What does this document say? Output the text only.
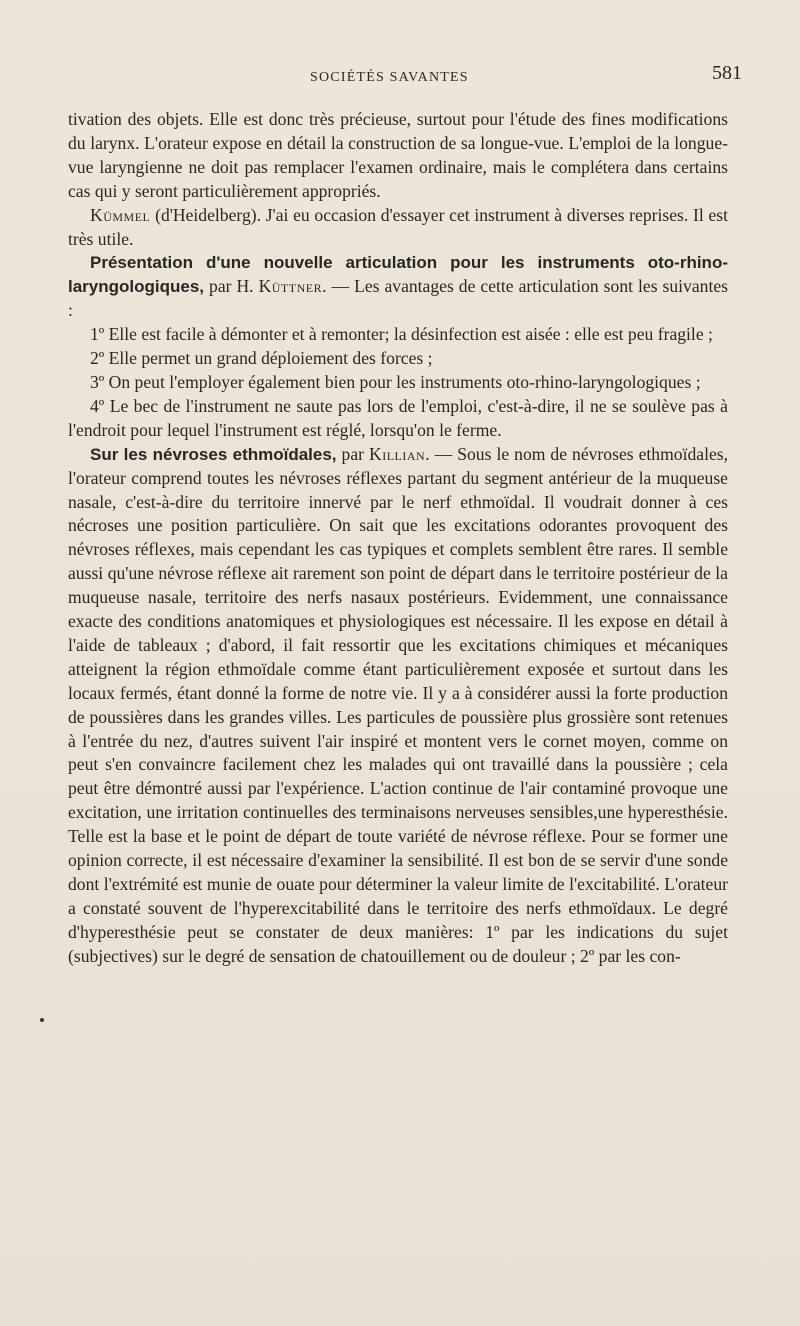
SOCIÉTÉS SAVANTES	581

tivation des objets. Elle est donc très précieuse, surtout pour l'étude des fines modifications du larynx. L'orateur expose en détail la construction de sa longue-vue. L'emploi de la longue-vue laryngienne ne doit pas remplacer l'examen ordinaire, mais le complétera dans certains cas qui y seront particulièrement appropriés.

Kümmel (d'Heidelberg). J'ai eu occasion d'essayer cet instrument à diverses reprises. Il est très utile.

Présentation d'une nouvelle articulation pour les instruments oto-rhino-laryngologiques, par H. Küttner. — Les avantages de cette articulation sont les suivantes :

1º Elle est facile à démonter et à remonter; la désinfection est aisée : elle est peu fragile ;

2º Elle permet un grand déploiement des forces ;

3º On peut l'employer également bien pour les instruments oto-rhino-laryngologiques ;

4º Le bec de l'instrument ne saute pas lors de l'emploi, c'est-à-dire, il ne se soulève pas à l'endroit pour lequel l'instrument est réglé, lorsqu'on le ferme.

Sur les névroses ethmoïdales, par Killian. — Sous le nom de névroses ethmoïdales, l'orateur comprend toutes les névroses réflexes partant du segment antérieur de la muqueuse nasale, c'est-à-dire du territoire innervé par le nerf ethmoïdal. Il voudrait donner à ces nécroses une position particulière. On sait que les excitations odorantes provoquent des névroses réflexes, mais cependant les cas typiques et complets semblent être rares. Il semble aussi qu'une névrose réflexe ait rarement son point de départ dans le territoire postérieur de la muqueuse nasale, territoire des nerfs nasaux postérieurs. Evidemment, une connaissance exacte des conditions anatomiques et physiologiques est nécessaire. Il les expose en détail à l'aide de tableaux ; d'abord, il fait ressortir que les excitations chimiques et mécaniques atteignent la région ethmoïdale comme étant particulièrement exposée et surtout dans les locaux fermés, étant donné la forme de notre vie. Il y a à considérer aussi la forte production de poussières dans les grandes villes. Les particules de poussière plus grossière sont retenues à l'entrée du nez, d'autres suivent l'air inspiré et montent vers le cornet moyen, comme on peut s'en convaincre facilement chez les malades qui ont travaillé dans la poussière ; cela peut être démontré aussi par l'expérience. L'action continue de l'air contaminé provoque une excitation, une irritation continuelles des terminaisons nerveuses sensibles,une hyperesthésie. Telle est la base et le point de départ de toute variété de névrose réflexe. Pour se former une opinion correcte, il est nécessaire d'examiner la sensibilité. Il est bon de se servir d'une sonde dont l'extrémité est munie de ouate pour déterminer la valeur limite de l'excitabilité. L'orateur a constaté souvent de l'hyperexcitabilité dans le territoire des nerfs ethmoïdaux. Le degré d'hyperesthésie peut se constater de deux manières: 1º par les indications du sujet (subjectives) sur le degré de sensation de chatouillement ou de douleur ; 2º par les con-
